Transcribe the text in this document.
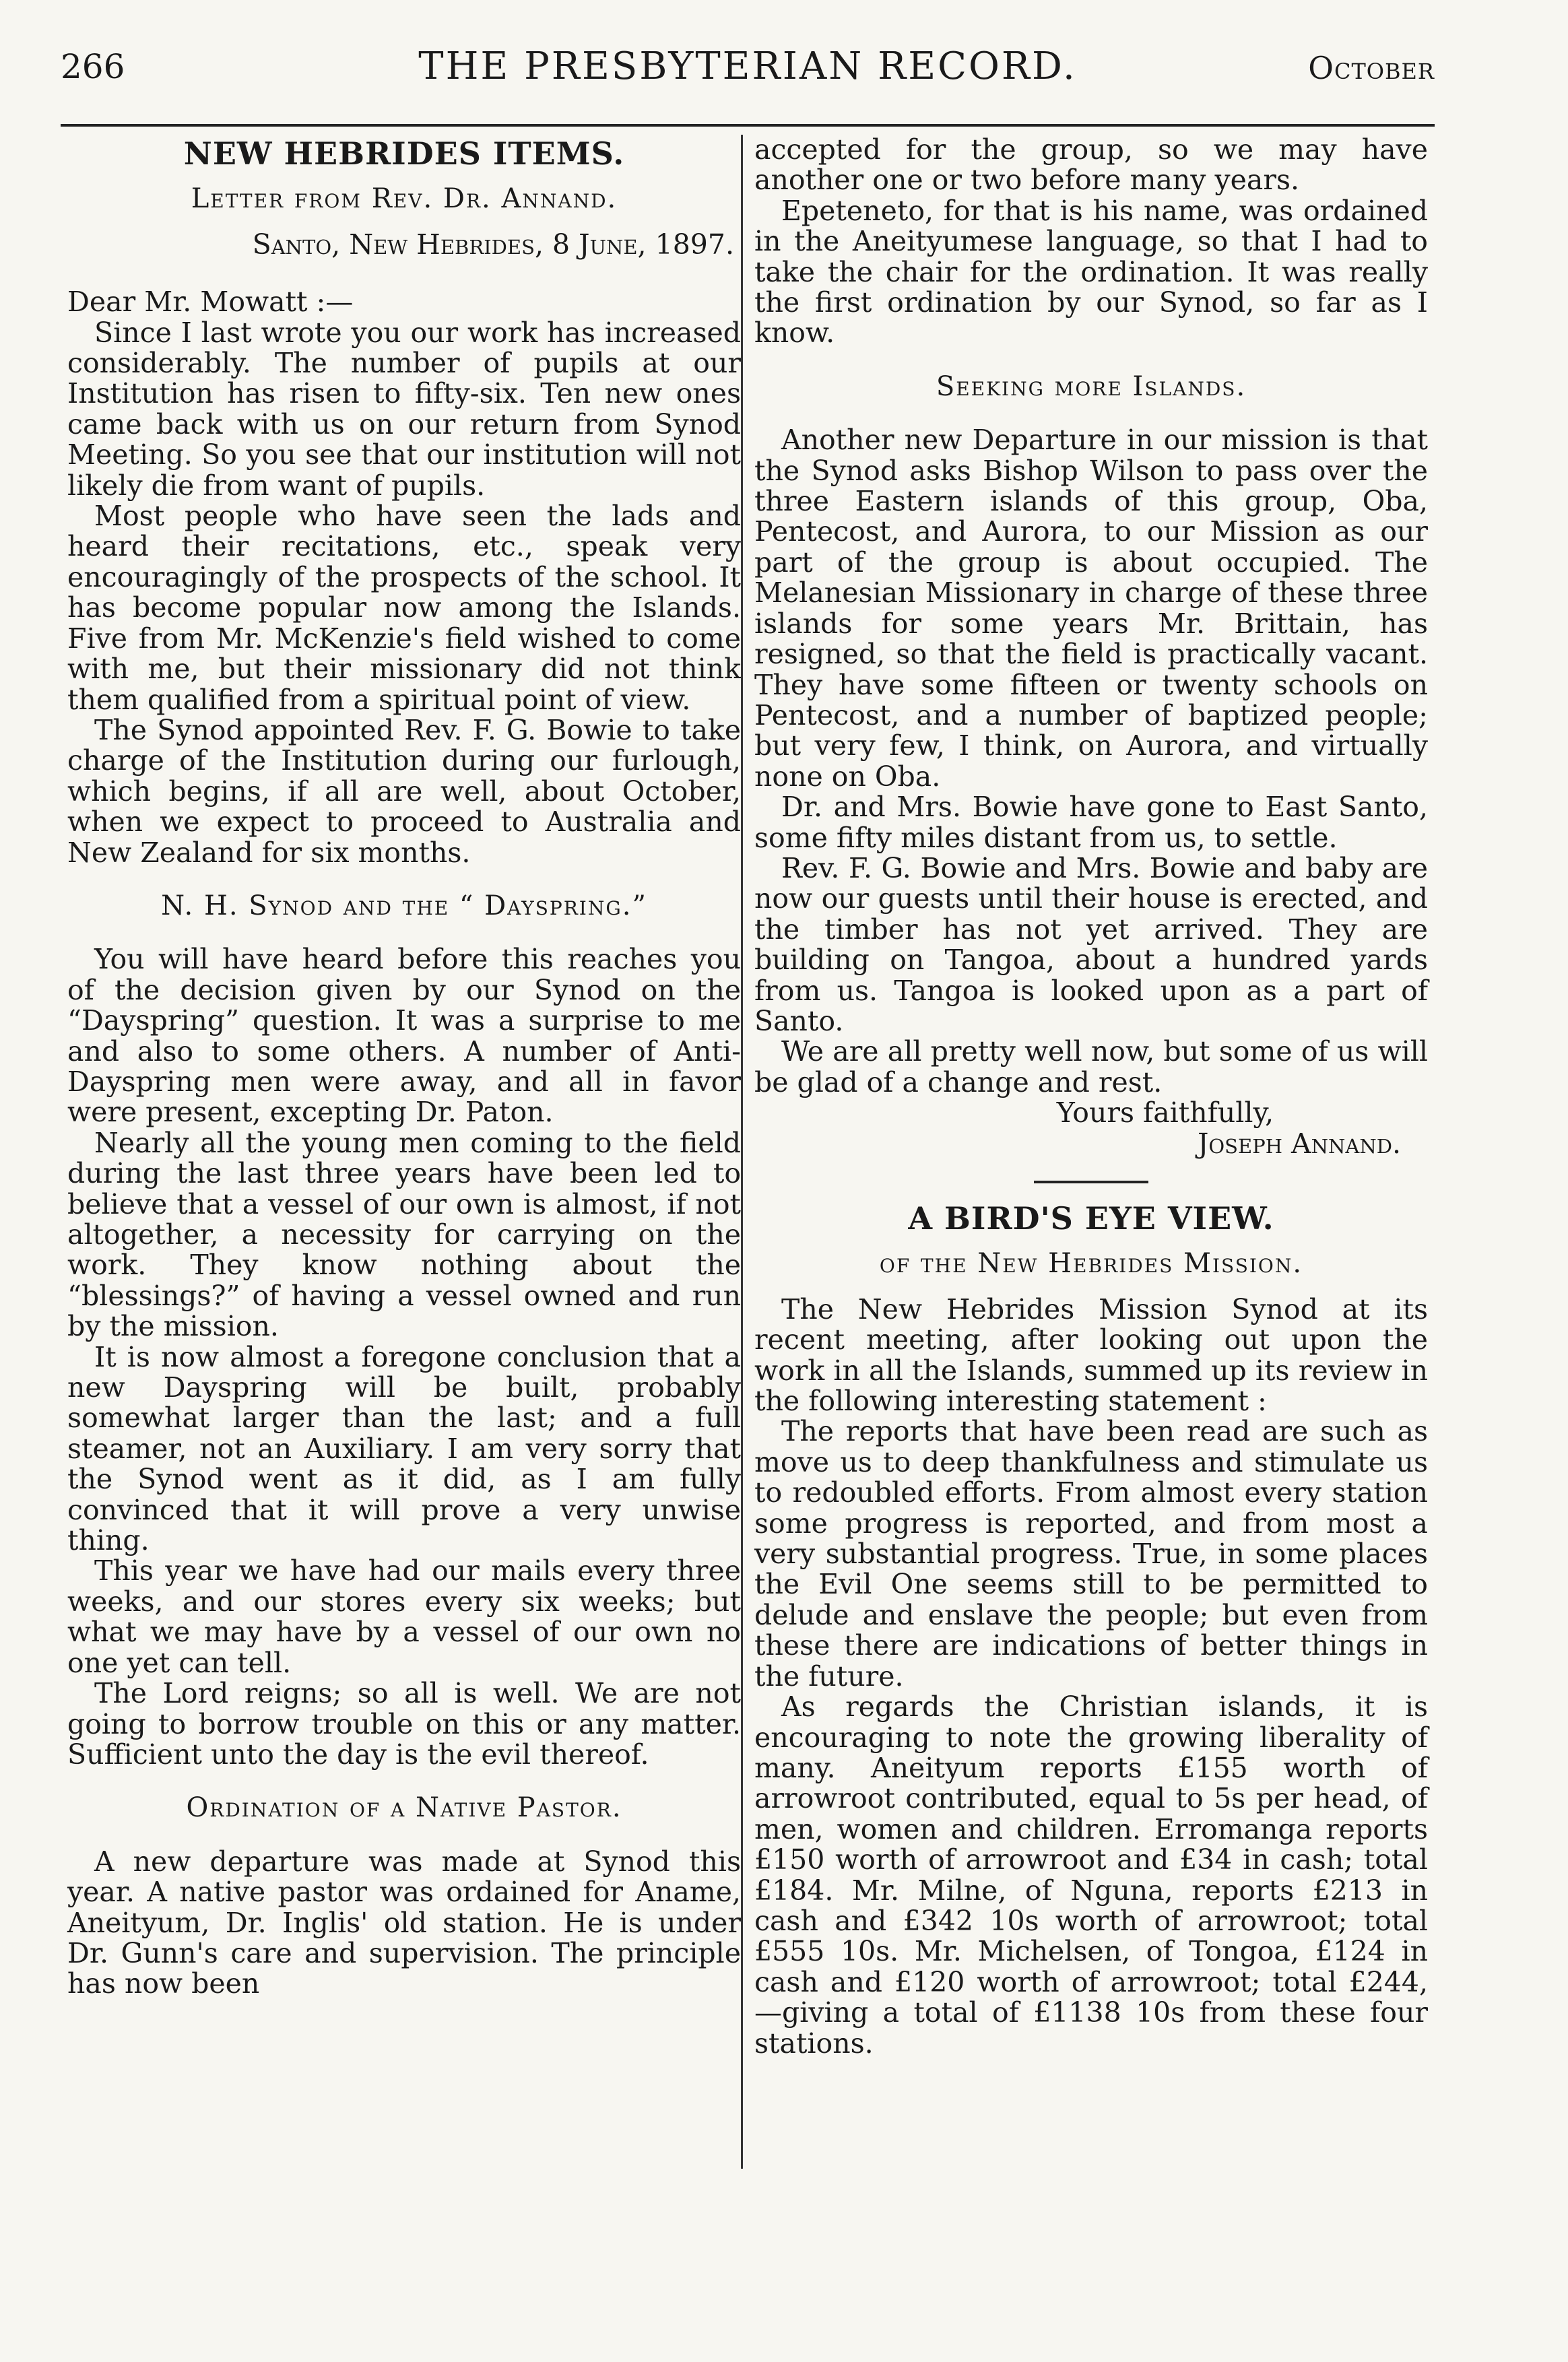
266	THE PRESBYTERIAN RECORD.	October
NEW HEBRIDES ITEMS.
Letter from Rev. Dr. Annand.
Santo, New Hebrides, 8 June, 1897.

Dear Mr. Mowatt :—

Since I last wrote you our work has increased considerably. The number of pupils at our Institution has risen to fifty-six. Ten new ones came back with us on our return from Synod Meeting. So you see that our institution will not likely die from want of pupils.

Most people who have seen the lads and heard their recitations, etc., speak very encouragingly of the prospects of the school. It has become popular now among the Islands. Five from Mr. McKenzie's field wished to come with me, but their missionary did not think them qualified from a spiritual point of view.

The Synod appointed Rev. F. G. Bowie to take charge of the Institution during our furlough, which begins, if all are well, about October, when we expect to proceed to Australia and New Zealand for six months.

N. H. Synod and the “ Dayspring.”

You will have heard before this reaches you of the decision given by our Synod on the “Dayspring” question. It was a surprise to me and also to some others. A number of Anti-Dayspring men were away, and all in favor were present, excepting Dr. Paton.

Nearly all the young men coming to the field during the last three years have been led to believe that a vessel of our own is almost, if not altogether, a necessity for carrying on the work. They know nothing about the “blessings?” of having a vessel owned and run by the mission.

It is now almost a foregone conclusion that a new Dayspring will be built, probably somewhat larger than the last; and a full steamer, not an Auxiliary. I am very sorry that the Synod went as it did, as I am fully convinced that it will prove a very unwise thing.

This year we have had our mails every three weeks, and our stores every six weeks; but what we may have by a vessel of our own no one yet can tell.

The Lord reigns; so all is well. We are not going to borrow trouble on this or any matter. Sufficient unto the day is the evil thereof.

Ordination of a Native Pastor.

A new departure was made at Synod this year. A native pastor was ordained for Aname, Aneityum, Dr. Inglis' old station. He is under Dr. Gunn's care and supervision. The principle has now been

accepted for the group, so we may have another one or two before many years.

Epeteneto, for that is his name, was ordained in the Aneityumese language, so that I had to take the chair for the ordination. It was really the first ordination by our Synod, so far as I know.

Seeking more Islands.

Another new Departure in our mission is that the Synod asks Bishop Wilson to pass over the three Eastern islands of this group, Oba, Pentecost, and Aurora, to our Mission as our part of the group is about occupied. The Melanesian Missionary in charge of these three islands for some years Mr. Brittain, has resigned, so that the field is practically vacant. They have some fifteen or twenty schools on Pentecost, and a number of baptized people; but very few, I think, on Aurora, and virtually none on Oba.

Dr. and Mrs. Bowie have gone to East Santo, some fifty miles distant from us, to settle.

Rev. F. G. Bowie and Mrs. Bowie and baby are now our guests until their house is erected, and the timber has not yet arrived. They are building on Tangoa, about a hundred yards from us. Tangoa is looked upon as a part of Santo.

We are all pretty well now, but some of us will be glad of a change and rest.

Yours faithfully,
Joseph Annand.
A BIRD'S EYE VIEW.
of the New Hebrides Mission.

The New Hebrides Mission Synod at its recent meeting, after looking out upon the work in all the Islands, summed up its review in the following interesting statement :

The reports that have been read are such as move us to deep thankfulness and stimulate us to redoubled efforts. From almost every station some progress is reported, and from most a very substantial progress. True, in some places the Evil One seems still to be permitted to delude and enslave the people; but even from these there are indications of better things in the future.

As regards the Christian islands, it is encouraging to note the growing liberality of many. Aneityum reports £155 worth of arrowroot contributed, equal to 5s per head, of men, women and children. Erromanga reports £150 worth of arrowroot and £34 in cash; total £184. Mr. Milne, of Nguna, reports £213 in cash and £342 10s worth of arrowroot; total £555 10s. Mr. Michelsen, of Tongoa, £124 in cash and £120 worth of arrowroot; total £244,—giving a total of £1138 10s from these four stations.
